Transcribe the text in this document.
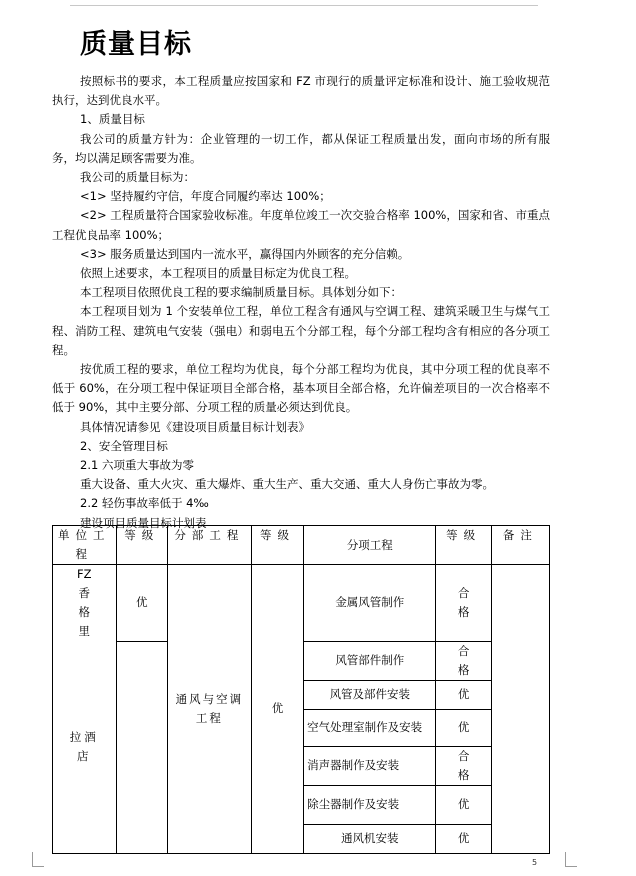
质量目标

按照标书的要求，本工程质量应按国家和 FZ 市现行的质量评定标准和设计、施工验收规范执行，达到优良水平。

1、质量目标

我公司的质量方针为：企业管理的一切工作，都从保证工程质量出发，面向市场的所有服务，均以满足顾客需要为准。

我公司的质量目标为：

<1> 坚持履约守信，年度合同履约率达 100%；

<2> 工程质量符合国家验收标准。年度单位竣工一次交验合格率 100%，国家和省、市重点工程优良品率 100%；

<3> 服务质量达到国内一流水平，赢得国内外顾客的充分信赖。

依照上述要求，本工程项目的质量目标定为优良工程。

本工程项目依照优良工程的要求编制质量目标。具体划分如下：

本工程项目划为 1 个安装单位工程，单位工程含有通风与空调工程、建筑采暖卫生与煤气工程、消防工程、建筑电气安装（强电）和弱电五个分部工程，每个分部工程均含有相应的各分项工程。

按优质工程的要求，单位工程均为优良，每个分部工程均为优良，其中分项工程的优良率不低于 60%，在分项工程中保证项目全部合格，基本项目全部合格，允许偏差项目的一次合格率不低于 90%，其中主要分部、分项工程的质量必须达到优良。

具体情况请参见《建设项目质量目标计划表》

2、安全管理目标

2.1 六项重大事故为零

重大设备、重大火灾、重大爆炸、重大生产、重大交通、重大人身伤亡事故为零。

2.2 轻伤事故率低于 4‰

建设项目质量目标计划表

单位工程	等级	分部工程	等级	分项工程	等级	备注

FZ香格里	优	通风与空调工程	优	金属风管制作	合格	

拉酒店				风管部件制作	合格	

				风管及部件安装	优	
				空气处理室制作及安装	优	
				消声器制作及安装	合格	

				除尘器制作及安装	优	
				通风机安装	优	
5
